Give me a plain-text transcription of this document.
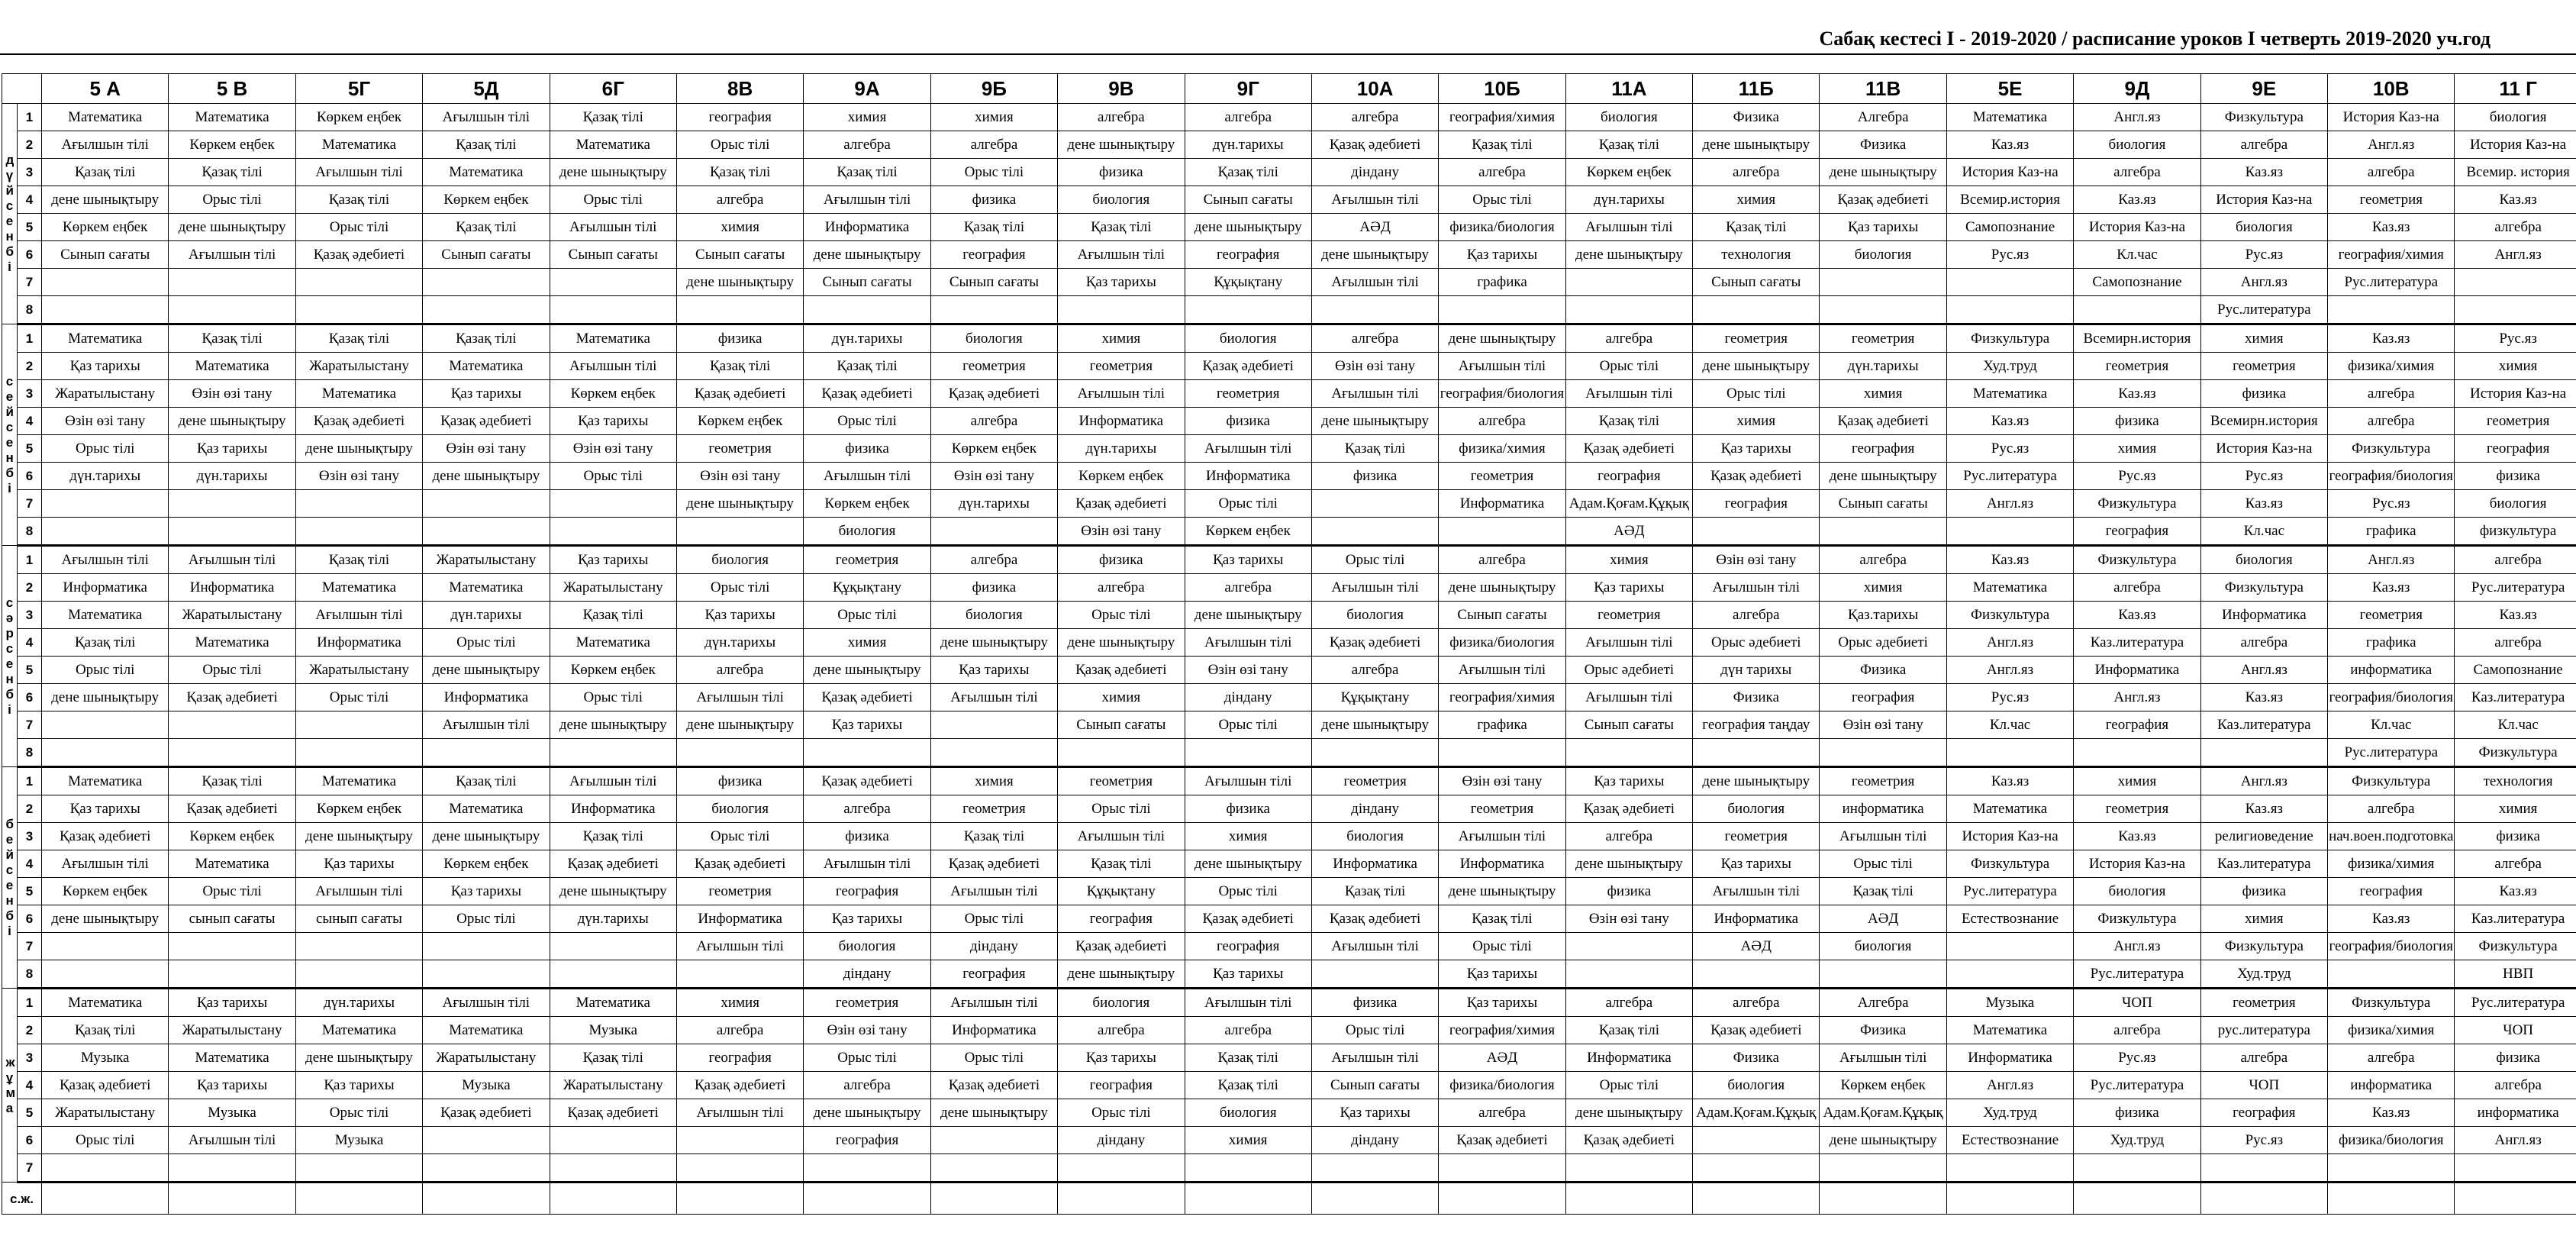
Сабақ кестесі I - 2019-2020 / расписание уроков I четверть 2019-2020 уч.год
		5 А	5 В	5Г	5Д	6Г	8В	9А	9Б	9В	9Г	10А	10Б	11А	11Б	11В	5Е	9Д	9Е	10В	11 Г
дүйсенбі	1	Математика	Математика	Көркем еңбек	Ағылшын тілі	Қазақ тілі	география	химия	химия	алгебра	алгебра	алгебра	география/химия	биология	Физика	Алгебра	Математика	Англ.яз	Физкультура	История Каз-на	биология
	2	Ағылшын тілі	Көркем еңбек	Математика	Қазақ тілі	Математика	Орыс тілі	алгебра	алгебра	дене шынықтыру	дүн.тарихы	Қазақ әдебиеті	Қазақ тілі	Қазақ тілі	дене шынықтыру	Физика	Каз.яз	биология	алгебра	Англ.яз	История Каз-на
	3	Қазақ тілі	Қазақ тілі	Ағылшын тілі	Математика	дене шынықтыру	Қазақ тілі	Қазақ тілі	Орыс тілі	физика	Қазақ тілі	діндану	алгебра	Көркем еңбек	алгебра	дене шынықтыру	История Каз-на	алгебра	Каз.яз	алгебра	Всемир. история
	4	дене шынықтыру	Орыс тілі	Қазақ тілі	Көркем еңбек	Орыс тілі	алгебра	Ағылшын тілі	физика	биология	Сынып сағаты	Ағылшын тілі	Орыс тілі	дүн.тарихы	химия	Қазақ әдебиеті	Всемир.история	Каз.яз	История Каз-на	геометрия	Каз.яз
	5	Көркем еңбек	дене шынықтыру	Орыс тілі	Қазақ тілі	Ағылшын тілі	химия	Информатика	Қазақ тілі	Қазақ тілі	дене шынықтыру	АӘД	физика/биология	Ағылшын тілі	Қазақ тілі	Қаз тарихы	Самопознание	История Каз-на	биология	Каз.яз	алгебра
	6	Сынып сағаты	Ағылшын тілі	Қазақ әдебиеті	Сынып сағаты	Сынып сағаты	Сынып сағаты	дене шынықтыру	география	Ағылшын тілі	география	дене шынықтыру	Қаз тарихы	дене шынықтыру	технология	биология	Рус.яз	Кл.час	Рус.яз	география/химия	Англ.яз
	7						дене шынықтыру	Сынып сағаты	Сынып сағаты	Қаз тарихы	Құқықтану	Ағылшын тілі	графика		Сынып сағаты			Самопознание	Англ.яз	Рус.литература	
	8																		Рус.литература		
сейсенбі	1	Математика	Қазақ тілі	Қазақ тілі	Қазақ тілі	Математика	физика	дүн.тарихы	биология	химия	биология	алгебра	дене шынықтыру	алгебра	геометрия	геометрия	Физкультура	Всемирн.история	химия	Каз.яз	Рус.яз
	2	Қаз тарихы	Математика	Жаратылыстану	Математика	Ағылшын тілі	Қазақ тілі	Қазақ тілі	геометрия	геометрия	Қазақ әдебиеті	Өзін өзі тану	Ағылшын тілі	Орыс тілі	дене шынықтыру	дүн.тарихы	Худ.труд	геометрия	геометрия	физика/химия	химия
	3	Жаратылыстану	Өзін өзі тану	Математика	Қаз тарихы	Көркем еңбек	Қазақ әдебиеті	Қазақ әдебиеті	Қазақ әдебиеті	Ағылшын тілі	геометрия	Ағылшын тілі	география/биология	Ағылшын тілі	Орыс тілі	химия	Математика	Каз.яз	физика	алгебра	История Каз-на
	4	Өзін өзі тану	дене шынықтыру	Қазақ әдебиеті	Қазақ әдебиеті	Қаз тарихы	Көркем еңбек	Орыс тілі	алгебра	Информатика	физика	дене шынықтыру	алгебра	Қазақ тілі	химия	Қазақ әдебиеті	Каз.яз	физика	Всемирн.история	алгебра	геометрия
	5	Орыс тілі	Қаз тарихы	дене шынықтыру	Өзін өзі тану	Өзін өзі тану	геометрия	физика	Көркем еңбек	дүн.тарихы	Ағылшын тілі	Қазақ тілі	физика/химия	Қазақ әдебиеті	Қаз тарихы	география	Рус.яз	химия	История Каз-на	Физкультура	география
	6	дүн.тарихы	дүн.тарихы	Өзін өзі тану	дене шынықтыру	Орыс тілі	Өзін өзі тану	Ағылшын тілі	Өзін өзі тану	Көркем еңбек	Информатика	физика	геометрия	география	Қазақ әдебиеті	дене шынықтыру	Рус.литература	Рус.яз	Рус.яз	география/биология	физика
	7						дене шынықтыру	Көркем еңбек	дүн.тарихы	Қазақ әдебиеті	Орыс тілі		Информатика	Адам.Қоғам.Құқық	география	Сынып сағаты	Англ.яз	Физкультура	Каз.яз	Рус.яз	биология
	8							биология		Өзін өзі тану	Көркем еңбек			АӘД				география	Кл.час	графика	физкультура
сәрсенбі	1	Ағылшын тілі	Ағылшын тілі	Қазақ тілі	Жаратылыстану	Қаз тарихы	биология	геометрия	алгебра	физика	Қаз тарихы	Орыс тілі	алгебра	химия	Өзін өзі тану	алгебра	Каз.яз	Физкультура	биология	Англ.яз	алгебра
	2	Информатика	Информатика	Математика	Математика	Жаратылыстану	Орыс тілі	Құқықтану	физика	алгебра	алгебра	Ағылшын тілі	дене шынықтыру	Қаз тарихы	Ағылшын тілі	химия	Математика	алгебра	Физкультура	Каз.яз	Рус.литература
	3	Математика	Жаратылыстану	Ағылшын тілі	дүн.тарихы	Қазақ тілі	Қаз тарихы	Орыс тілі	биология	Орыс тілі	дене шынықтыру	биология	Сынып сағаты	геометрия	алгебра	Қаз.тарихы	Физкультура	Каз.яз	Информатика	геометрия	Каз.яз
	4	Қазақ тілі	Математика	Информатика	Орыс тілі	Математика	дүн.тарихы	химия	дене шынықтыру	дене шынықтыру	Ағылшын тілі	Қазақ әдебиеті	физика/биология	Ағылшын тілі	Орыс әдебиеті	Орыс әдебиеті	Англ.яз	Каз.литература	алгебра	графика	алгебра
	5	Орыс тілі	Орыс тілі	Жаратылыстану	дене шынықтыру	Көркем еңбек	алгебра	дене шынықтыру	Қаз тарихы	Қазақ әдебиеті	Өзін өзі тану	алгебра	Ағылшын тілі	Орыс әдебиеті	дүн тарихы	Физика	Англ.яз	Информатика	Англ.яз	информатика	Самопознание
	6	дене шынықтыру	Қазақ әдебиеті	Орыс тілі	Информатика	Орыс тілі	Ағылшын тілі	Қазақ әдебиеті	Ағылшын тілі	химия	діндану	Құқықтану	география/химия	Ағылшын тілі	Физика	география	Рус.яз	Англ.яз	Каз.яз	география/биология	Каз.литература
	7				Ағылшын тілі	дене шынықтыру	дене шынықтыру	Қаз тарихы		Сынып сағаты	Орыс тілі	дене шынықтыру	графика	Сынып сағаты	география таңдау	Өзін өзі тану	Кл.час	география	Каз.литература	Кл.час	Кл.час
	8																			Рус.литература	Физкультура
бейсенбі	1	Математика	Қазақ тілі	Математика	Қазақ тілі	Ағылшын тілі	физика	Қазақ әдебиеті	химия	геометрия	Ағылшын тілі	геометрия	Өзін өзі тану	Қаз тарихы	дене шынықтыру	геометрия	Каз.яз	химия	Англ.яз	Физкультура	технология
	2	Қаз тарихы	Қазақ әдебиеті	Көркем еңбек	Математика	Информатика	биология	алгебра	геометрия	Орыс тілі	физика	діндану	геометрия	Қазақ әдебиеті	биология	информатика	Математика	геометрия	Каз.яз	алгебра	химия
	3	Қазақ әдебиеті	Көркем еңбек	дене шынықтыру	дене шынықтыру	Қазақ тілі	Орыс тілі	физика	Қазақ тілі	Ағылшын тілі	химия	биология	Ағылшын тілі	алгебра	геометрия	Ағылшын тілі	История Каз-на	Каз.яз	религиоведение	нач.воен.подготовка	физика
	4	Ағылшын тілі	Математика	Қаз тарихы	Көркем еңбек	Қазақ әдебиеті	Қазақ әдебиеті	Ағылшын тілі	Қазақ әдебиеті	Қазақ тілі	дене шынықтыру	Информатика	Информатика	дене шынықтыру	Қаз тарихы	Орыс тілі	Физкультура	История Каз-на	Каз.литература	физика/химия	алгебра
	5	Көркем еңбек	Орыс тілі	Ағылшын тілі	Қаз тарихы	дене шынықтыру	геометрия	география	Ағылшын тілі	Құқықтану	Орыс тілі	Қазақ тілі	дене шынықтыру	физика	Ағылшын тілі	Қазақ тілі	Рус.литература	биология	физика	география	Каз.яз
	6	дене шынықтыру	сынып сағаты	сынып сағаты	Орыс тілі	дүн.тарихы	Информатика	Қаз тарихы	Орыс тілі	география	Қазақ әдебиеті	Қазақ әдебиеті	Қазақ тілі	Өзін өзі тану	Информатика	АӘД	Естествознание	Физкультура	химия	Каз.яз	Каз.литература
	7						Ағылшын тілі	биология	діндану	Қазақ әдебиеті	география	Ағылшын тілі	Орыс тілі		АӘД	биология		Англ.яз	Физкультура	география/биология	Физкультура
	8							діндану	география	дене шынықтыру	Қаз тарихы		Қаз тарихы					Рус.литература	Худ.труд		НВП
жұма	1	Математика	Қаз тарихы	дүн.тарихы	Ағылшын тілі	Математика	химия	геометрия	Ағылшын тілі	биология	Ағылшын тілі	физика	Қаз тарихы	алгебра	алгебра	Алгебра	Музыка	ЧОП	геометрия	Физкультура	Рус.литература
	2	Қазақ тілі	Жаратылыстану	Математика	Математика	Музыка	алгебра	Өзін өзі тану	Информатика	алгебра	алгебра	Орыс тілі	география/химия	Қазақ тілі	Қазақ әдебиеті	Физика	Математика	алгебра	рус.литература	физика/химия	ЧОП
	3	Музыка	Математика	дене шынықтыру	Жаратылыстану	Қазақ тілі	география	Орыс тілі	Орыс тілі	Қаз тарихы	Қазақ тілі	Ағылшын тілі	АӘД	Информатика	Физика	Ағылшын тілі	Информатика	Рус.яз	алгебра	алгебра	физика
	4	Қазақ әдебиеті	Қаз тарихы	Қаз тарихы	Музыка	Жаратылыстану	Қазақ әдебиеті	алгебра	Қазақ әдебиеті	география	Қазақ тілі	Сынып сағаты	физика/биология	Орыс тілі	биология	Көркем еңбек	Англ.яз	Рус.литература	ЧОП	информатика	алгебра
	5	Жаратылыстану	Музыка	Орыс тілі	Қазақ әдебиеті	Қазақ әдебиеті	Ағылшын тілі	дене шынықтыру	дене шынықтыру	Орыс тілі	биология	Қаз тарихы	алгебра	дене шынықтыру	Адам.Қоғам.Құқық	Адам.Қоғам.Құқық	Худ.труд	физика	география	Каз.яз	информатика
	6	Орыс тілі	Ағылшын тілі	Музыка				география		діндану	химия	діндану	Қазақ әдебиеті	Қазақ әдебиеті		дене шынықтыру	Естествознание	Худ.труд	Рус.яз	физика/биология	Англ.яз
	7																				
с.ж.																					
